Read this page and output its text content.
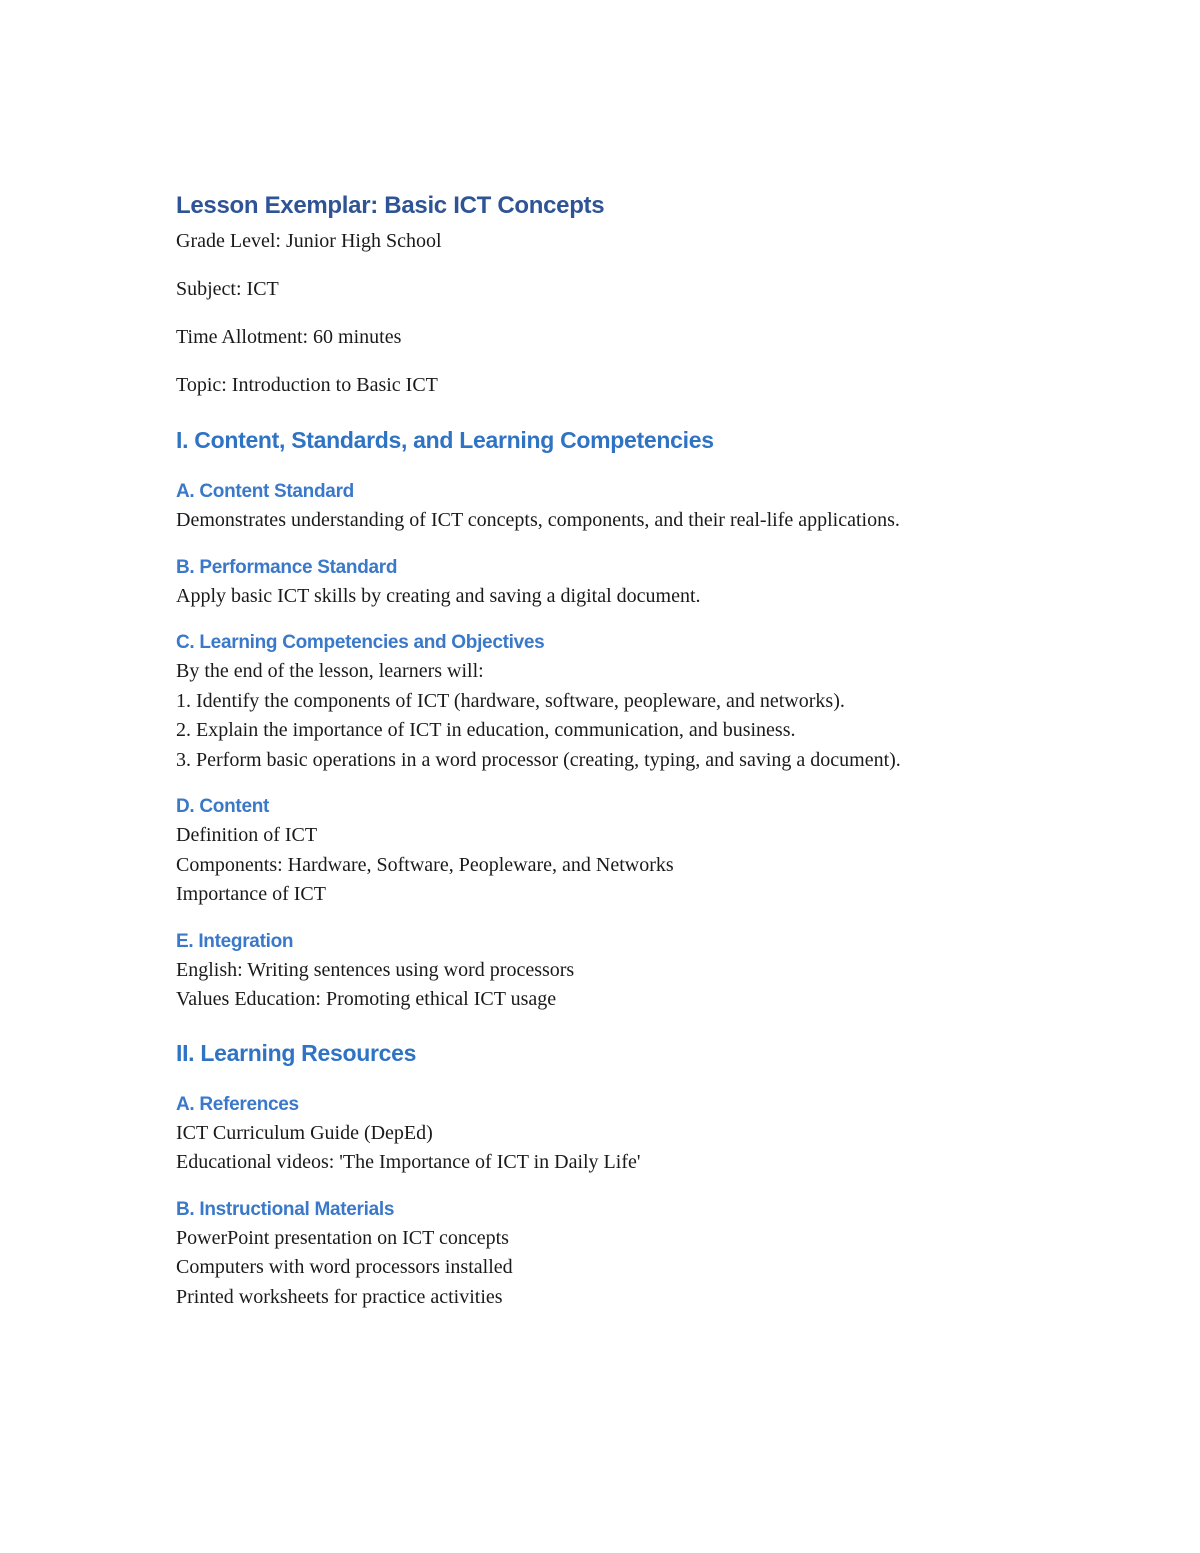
Lesson Exemplar: Basic ICT Concepts

Grade Level: Junior High School

Subject: ICT

Time Allotment: 60 minutes

Topic: Introduction to Basic ICT

I. Content, Standards, and Learning Competencies
A. Content Standard

Demonstrates understanding of ICT concepts, components, and their real-life applications.

B. Performance Standard

Apply basic ICT skills by creating and saving a digital document.

C. Learning Competencies and Objectives

By the end of the lesson, learners will:

1. Identify the components of ICT (hardware, software, peopleware, and networks).

2. Explain the importance of ICT in education, communication, and business.

3. Perform basic operations in a word processor (creating, typing, and saving a document).

D. Content

Definition of ICT

Components: Hardware, Software, Peopleware, and Networks

Importance of ICT

E. Integration

English: Writing sentences using word processors

Values Education: Promoting ethical ICT usage

II. Learning Resources
A. References

ICT Curriculum Guide (DepEd)

Educational videos: 'The Importance of ICT in Daily Life'

B. Instructional Materials

PowerPoint presentation on ICT concepts

Computers with word processors installed

Printed worksheets for practice activities
